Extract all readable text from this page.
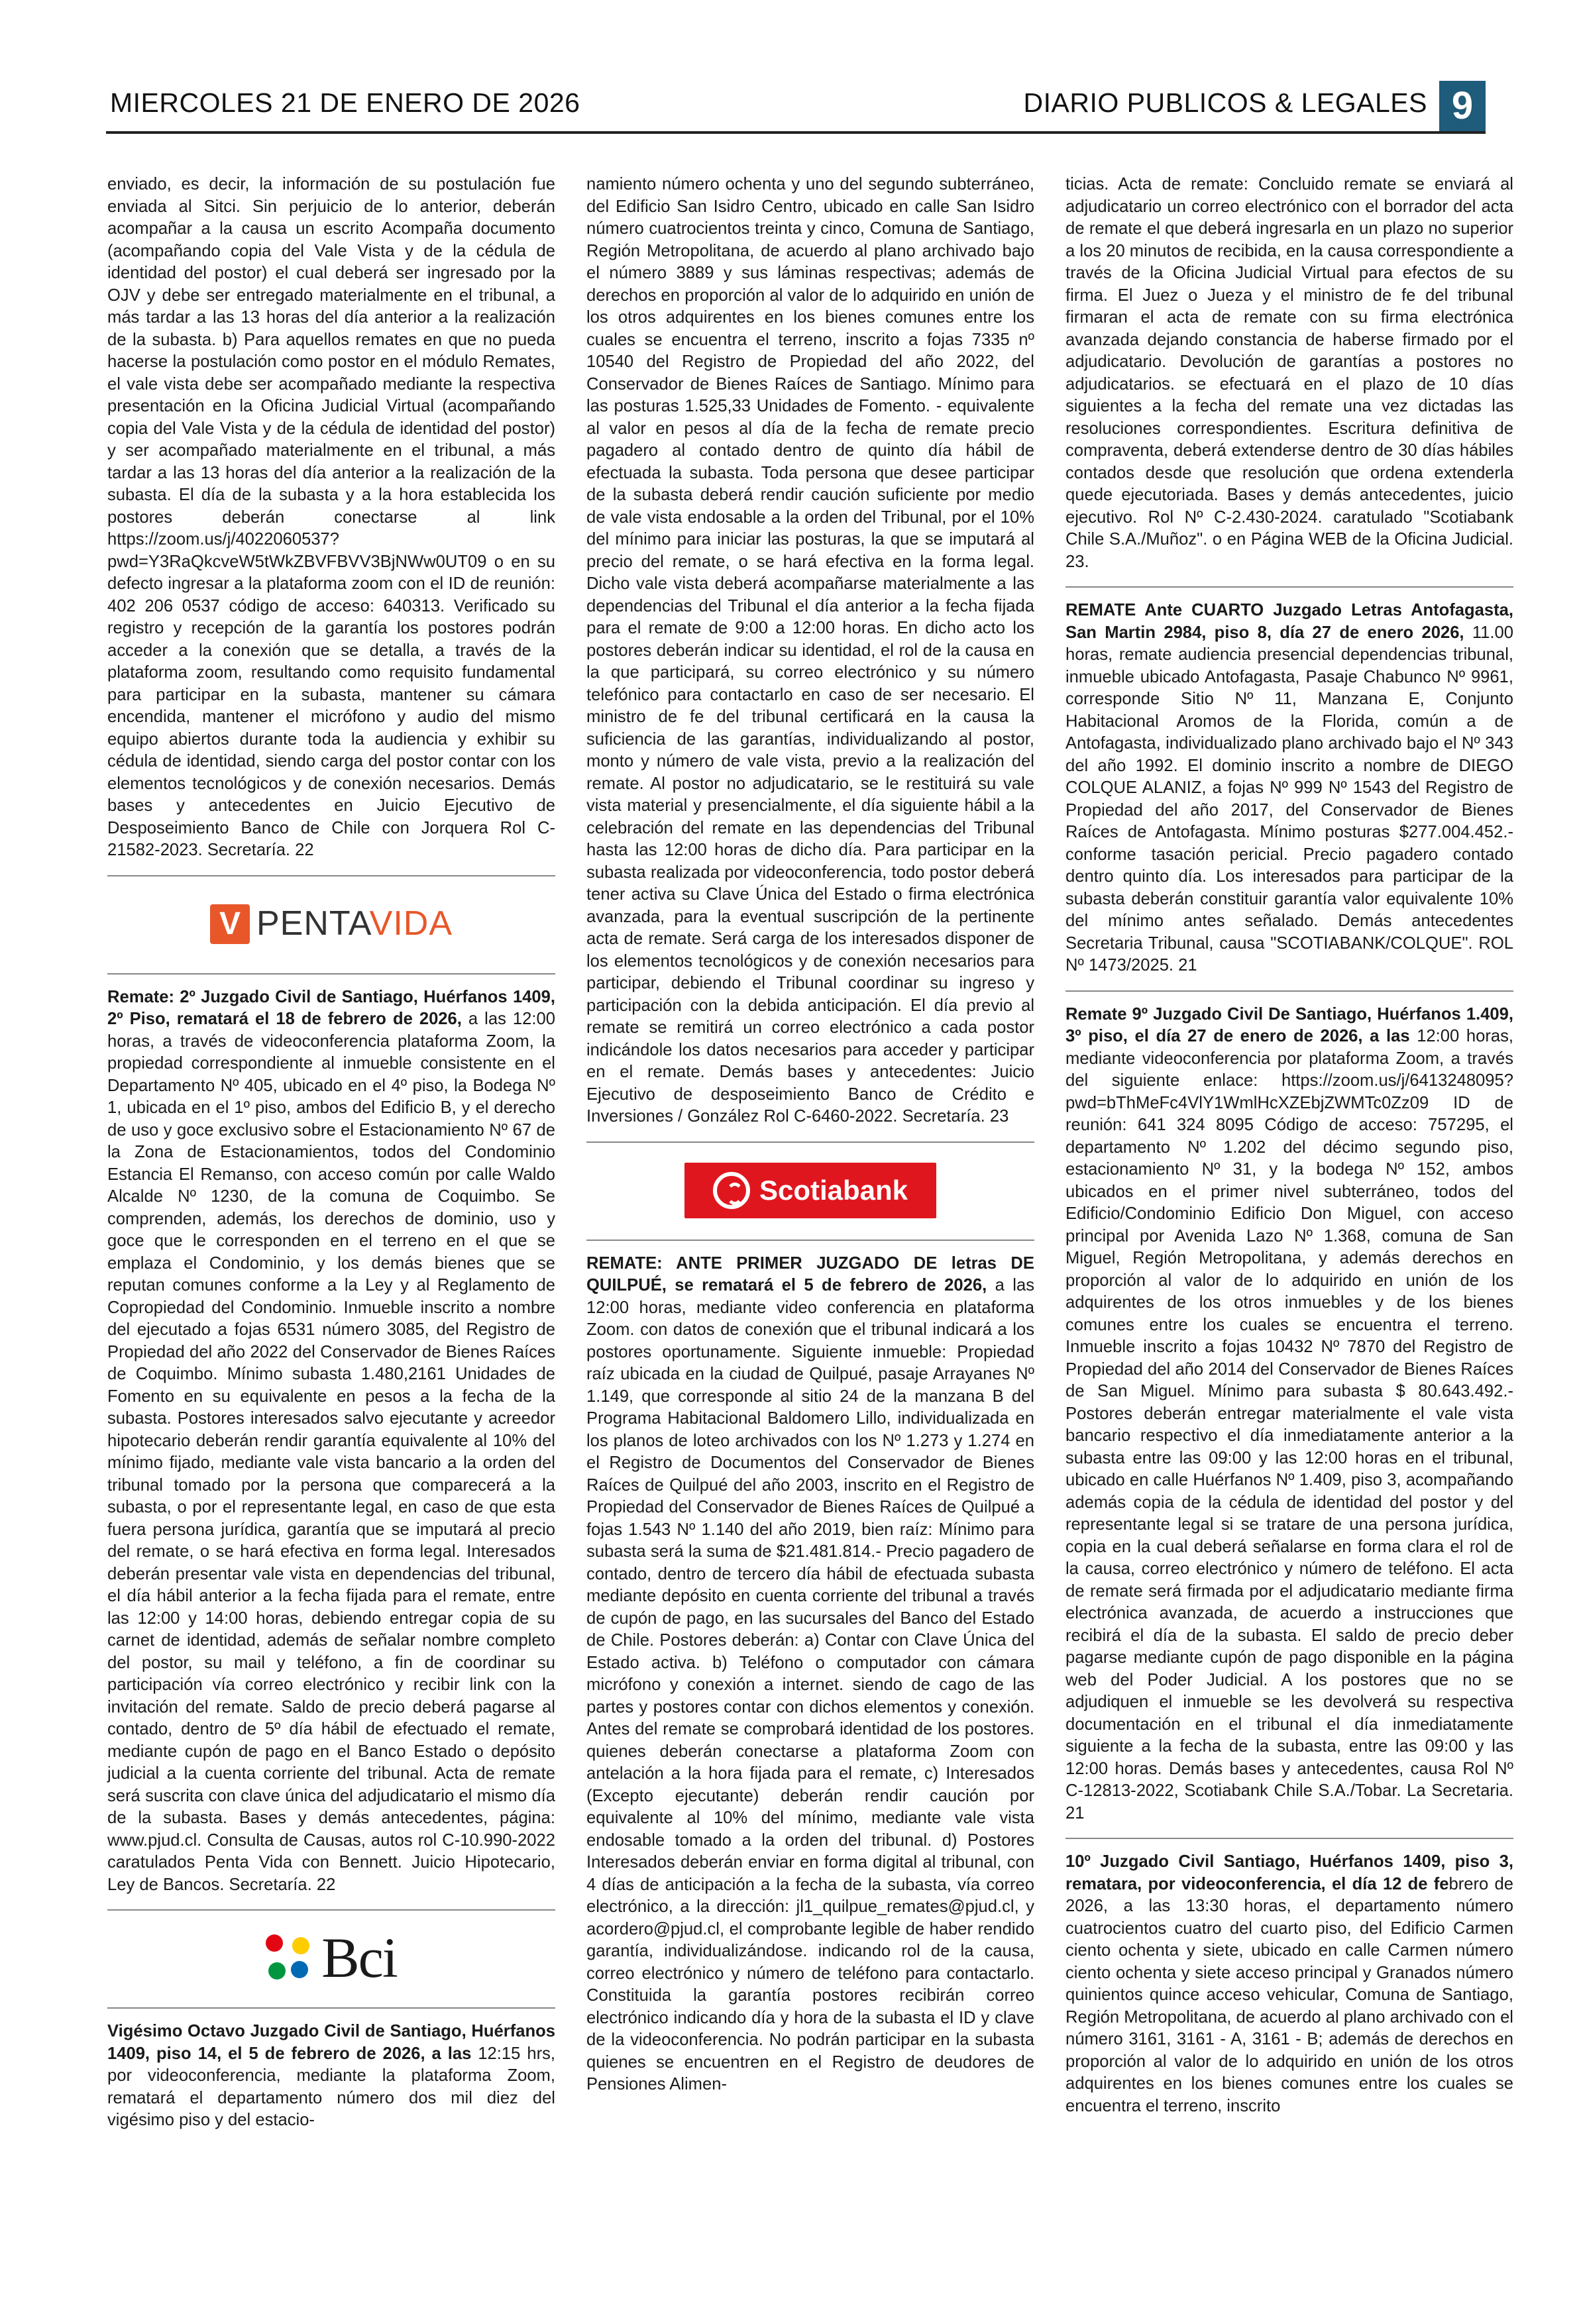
MIERCOLES 21 DE ENERO DE 2026	DIARIO PUBLICOS & LEGALES 9

enviado, es decir, la información de su postulación fue enviada al Sitci. Sin perjuicio de lo anterior, deberán acompañar a la causa un escrito Acompaña documento (acompañando copia del Vale Vista y de la cédula de identidad del postor) el cual deberá ser ingresado por la OJV y debe ser entregado materialmente en el tribunal, a más tardar a las 13 horas del día anterior a la realización de la subasta. b) Para aquellos remates en que no pueda hacerse la postulación como postor en el módulo Remates, el vale vista debe ser acompañado mediante la respectiva presentación en la Oficina Judicial Virtual (acompañando copia del Vale Vista y de la cédula de identidad del postor) y ser acompañado materialmente en el tribunal, a más tardar a las 13 horas del día anterior a la realización de la subasta. El día de la subasta y a la hora establecida los postores deberán conectarse al link https://zoom.us/j/4022060537?pwd=Y3RaQkcveW5tWkZBVFBVV3BjNWw0UT09 o en su defecto ingresar a la plataforma zoom con el ID de reunión: 402 206 0537 código de acceso: 640313. Verificado su registro y recepción de la garantía los postores podrán acceder a la conexión que se detalla, a través de la plataforma zoom, resultando como requisito fundamental para participar en la subasta, mantener su cámara encendida, mantener el micrófono y audio del mismo equipo abiertos durante toda la audiencia y exhibir su cédula de identidad, siendo carga del postor contar con los elementos tecnológicos y de conexión necesarios. Demás bases y antecedentes en Juicio Ejecutivo de Desposeimiento Banco de Chile con Jorquera Rol C-21582-2023. Secretaría. 22

V PENTAVIDA

Remate: 2º Juzgado Civil de Santiago, Huérfanos 1409, 2º Piso, rematará el 18 de febrero de 2026, a las 12:00 horas, a través de videoconferencia plataforma Zoom, la propiedad correspondiente al inmueble consistente en el Departamento Nº 405, ubicado en el 4º piso, la Bodega Nº 1, ubicada en el 1º piso, ambos del Edificio B, y el derecho de uso y goce exclusivo sobre el Estacionamiento Nº 67 de la Zona de Estacionamientos, todos del Condominio Estancia El Remanso, con acceso común por calle Waldo Alcalde Nº 1230, de la comuna de Coquimbo. Se comprenden, además, los derechos de dominio, uso y goce que le corresponden en el terreno en el que se emplaza el Condominio, y los demás bienes que se reputan comunes conforme a la Ley y al Reglamento de Copropiedad del Condominio. Inmueble inscrito a nombre del ejecutado a fojas 6531 número 3085, del Registro de Propiedad del año 2022 del Conservador de Bienes Raíces de Coquimbo. Mínimo subasta 1.480,2161 Unidades de Fomento en su equivalente en pesos a la fecha de la subasta. Postores interesados salvo ejecutante y acreedor hipotecario deberán rendir garantía equivalente al 10% del mínimo fijado, mediante vale vista bancario a la orden del tribunal tomado por la persona que comparecerá a la subasta, o por el representante legal, en caso de que esta fuera persona jurídica, garantía que se imputará al precio del remate, o se hará efectiva en forma legal. Interesados deberán presentar vale vista en dependencias del tribunal, el día hábil anterior a la fecha fijada para el remate, entre las 12:00 y 14:00 horas, debiendo entregar copia de su carnet de identidad, además de señalar nombre completo del postor, su mail y teléfono, a fin de coordinar su participación vía correo electrónico y recibir link con la invitación del remate. Saldo de precio deberá pagarse al contado, dentro de 5º día hábil de efectuado el remate, mediante cupón de pago en el Banco Estado o depósito judicial a la cuenta corriente del tribunal. Acta de remate será suscrita con clave única del adjudicatario el mismo día de la subasta. Bases y demás antecedentes, página: www.pjud.cl. Consulta de Causas, autos rol C-10.990-2022 caratulados Penta Vida con Bennett. Juicio Hipotecario, Ley de Bancos. Secretaría. 22

Bci

Vigésimo Octavo Juzgado Civil de Santiago, Huérfanos 1409, piso 14, el 5 de febrero de 2026, a las 12:15 hrs, por videoconferencia, mediante la plataforma Zoom, rematará el departamento número dos mil diez del vigésimo piso y del estacio-

namiento número ochenta y uno del segundo subterráneo, del Edificio San Isidro Centro, ubicado en calle San Isidro número cuatrocientos treinta y cinco, Comuna de Santiago, Región Metropolitana, de acuerdo al plano archivado bajo el número 3889 y sus láminas respectivas; además de derechos en proporción al valor de lo adquirido en unión de los otros adquirentes en los bienes comunes entre los cuales se encuentra el terreno, inscrito a fojas 7335 nº 10540 del Registro de Propiedad del año 2022, del Conservador de Bienes Raíces de Santiago. Mínimo para las posturas 1.525,33 Unidades de Fomento. - equivalente al valor en pesos al día de la fecha de remate precio pagadero al contado dentro de quinto día hábil de efectuada la subasta. Toda persona que desee participar de la subasta deberá rendir caución suficiente por medio de vale vista endosable a la orden del Tribunal, por el 10% del mínimo para iniciar las posturas, la que se imputará al precio del remate, o se hará efectiva en la forma legal. Dicho vale vista deberá acompañarse materialmente a las dependencias del Tribunal el día anterior a la fecha fijada para el remate de 9:00 a 12:00 horas. En dicho acto los postores deberán indicar su identidad, el rol de la causa en la que participará, su correo electrónico y su número telefónico para contactarlo en caso de ser necesario. El ministro de fe del tribunal certificará en la causa la suficiencia de las garantías, individualizando al postor, monto y número de vale vista, previo a la realización del remate. Al postor no adjudicatario, se le restituirá su vale vista material y presencialmente, el día siguiente hábil a la celebración del remate en las dependencias del Tribunal hasta las 12:00 horas de dicho día. Para participar en la subasta realizada por videoconferencia, todo postor deberá tener activa su Clave Única del Estado o firma electrónica avanzada, para la eventual suscripción de la pertinente acta de remate. Será carga de los interesados disponer de los elementos tecnológicos y de conexión necesarios para participar, debiendo el Tribunal coordinar su ingreso y participación con la debida anticipación. El día previo al remate se remitirá un correo electrónico a cada postor indicándole los datos necesarios para acceder y participar en el remate. Demás bases y antecedentes: Juicio Ejecutivo de desposeimiento Banco de Crédito e Inversiones / González Rol C-6460-2022. Secretaría. 23

Scotiabank

REMATE: ANTE PRIMER JUZGADO DE letras DE QUILPUÉ, se rematará el 5 de febrero de 2026, a las 12:00 horas, mediante video conferencia en plataforma Zoom. con datos de conexión que el tribunal indicará a los postores oportunamente. Siguiente inmueble: Propiedad raíz ubicada en la ciudad de Quilpué, pasaje Arrayanes Nº 1.149, que corresponde al sitio 24 de la manzana B del Programa Habitacional Baldomero Lillo, individualizada en los planos de loteo archivados con los Nº 1.273 y 1.274 en el Registro de Documentos del Conservador de Bienes Raíces de Quilpué del año 2003, inscrito en el Registro de Propiedad del Conservador de Bienes Raíces de Quilpué a fojas 1.543 Nº 1.140 del año 2019, bien raíz: Mínimo para subasta será la suma de $21.481.814.- Precio pagadero de contado, dentro de tercero día hábil de efectuada subasta mediante depósito en cuenta corriente del tribunal a través de cupón de pago, en las sucursales del Banco del Estado de Chile. Postores deberán: a) Contar con Clave Única del Estado activa. b) Teléfono o computador con cámara micrófono y conexión a internet. siendo de cago de las partes y postores contar con dichos elementos y conexión. Antes del remate se comprobará identidad de los postores. quienes deberán conectarse a plataforma Zoom con antelación a la hora fijada para el remate, c) Interesados (Excepto ejecutante) deberán rendir caución por equivalente al 10% del mínimo, mediante vale vista endosable tomado a la orden del tribunal. d) Postores Interesados deberán enviar en forma digital al tribunal, con 4 días de anticipación a la fecha de la subasta, vía correo electrónico, a la dirección: jl1_quilpue_remates@pjud.cl, y acordero@pjud.cl, el comprobante legible de haber rendido garantía, individualizándose. indicando rol de la causa, correo electrónico y número de teléfono para contactarlo. Constituida la garantía postores recibirán correo electrónico indicando día y hora de la subasta el ID y clave de la videoconferencia. No podrán participar en la subasta quienes se encuentren en el Registro de deudores de Pensiones Alimen-

ticias. Acta de remate: Concluido remate se enviará al adjudicatario un correo electrónico con el borrador del acta de remate el que deberá ingresarla en un plazo no superior a los 20 minutos de recibida, en la causa correspondiente a través de la Oficina Judicial Virtual para efectos de su firma. El Juez o Jueza y el ministro de fe del tribunal firmaran el acta de remate con su firma electrónica avanzada dejando constancia de haberse firmado por el adjudicatario. Devolución de garantías a postores no adjudicatarios. se efectuará en el plazo de 10 días siguientes a la fecha del remate una vez dictadas las resoluciones correspondientes. Escritura definitiva de compraventa, deberá extenderse dentro de 30 días hábiles contados desde que resolución que ordena extenderla quede ejecutoriada. Bases y demás antecedentes, juicio ejecutivo. Rol Nº C-2.430-2024. caratulado "Scotiabank Chile S.A./Muñoz". o en Página WEB de la Oficina Judicial. 23.

REMATE Ante CUARTO Juzgado Letras Antofagasta, San Martin 2984, piso 8, día 27 de enero 2026, 11.00 horas, remate audiencia presencial dependencias tribunal, inmueble ubicado Antofagasta, Pasaje Chabunco Nº 9961, corresponde Sitio Nº 11, Manzana E, Conjunto Habitacional Aromos de la Florida, común a de Antofagasta, individualizado plano archivado bajo el Nº 343 del año 1992. El dominio inscrito a nombre de DIEGO COLQUE ALANIZ, a fojas Nº 999 Nº 1543 del Registro de Propiedad del año 2017, del Conservador de Bienes Raíces de Antofagasta. Mínimo posturas $277.004.452.- conforme tasación pericial. Precio pagadero contado dentro quinto día. Los interesados para participar de la subasta deberán constituir garantía valor equivalente 10% del mínimo antes señalado. Demás antecedentes Secretaria Tribunal, causa "SCOTIABANK/COLQUE". ROL Nº 1473/2025. 21

Remate 9º Juzgado Civil De Santiago, Huérfanos 1.409, 3º piso, el día 27 de enero de 2026, a las 12:00 horas, mediante videoconferencia por plataforma Zoom, a través del siguiente enlace: https://zoom.us/j/6413248095?pwd=bThMeFc4VlY1WmlHcXZEbjZWMTc0Zz09 ID de reunión: 641 324 8095 Código de acceso: 757295, el departamento Nº 1.202 del décimo segundo piso, estacionamiento Nº 31, y la bodega Nº 152, ambos ubicados en el primer nivel subterráneo, todos del Edificio/Condominio Edificio Don Miguel, con acceso principal por Avenida Lazo Nº 1.368, comuna de San Miguel, Región Metropolitana, y además derechos en proporción al valor de lo adquirido en unión de los adquirentes de los otros inmuebles y de los bienes comunes entre los cuales se encuentra el terreno. Inmueble inscrito a fojas 10432 Nº 7870 del Registro de Propiedad del año 2014 del Conservador de Bienes Raíces de San Miguel. Mínimo para subasta $ 80.643.492.- Postores deberán entregar materialmente el vale vista bancario respectivo el día inmediatamente anterior a la subasta entre las 09:00 y las 12:00 horas en el tribunal, ubicado en calle Huérfanos Nº 1.409, piso 3, acompañando además copia de la cédula de identidad del postor y del representante legal si se tratare de una persona jurídica, copia en la cual deberá señalarse en forma clara el rol de la causa, correo electrónico y número de teléfono. El acta de remate será firmada por el adjudicatario mediante firma electrónica avanzada, de acuerdo a instrucciones que recibirá el día de la subasta. El saldo de precio deber pagarse mediante cupón de pago disponible en la página web del Poder Judicial. A los postores que no se adjudiquen el inmueble se les devolverá su respectiva documentación en el tribunal el día inmediatamente siguiente a la fecha de la subasta, entre las 09:00 y las 12:00 horas. Demás bases y antecedentes, causa Rol Nº C-12813-2022, Scotiabank Chile S.A./Tobar. La Secretaria. 21

10º Juzgado Civil Santiago, Huérfanos 1409, piso 3, rematara, por videoconferencia, el día 12 de febrero de 2026, a las 13:30 horas, el departamento número cuatrocientos cuatro del cuarto piso, del Edificio Carmen ciento ochenta y siete, ubicado en calle Carmen número ciento ochenta y siete acceso principal y Granados número quinientos quince acceso vehicular, Comuna de Santiago, Región Metropolitana, de acuerdo al plano archivado con el número 3161, 3161 - A, 3161 - B; además de derechos en proporción al valor de lo adquirido en unión de los otros adquirentes en los bienes comunes entre los cuales se encuentra el terreno, inscrito
